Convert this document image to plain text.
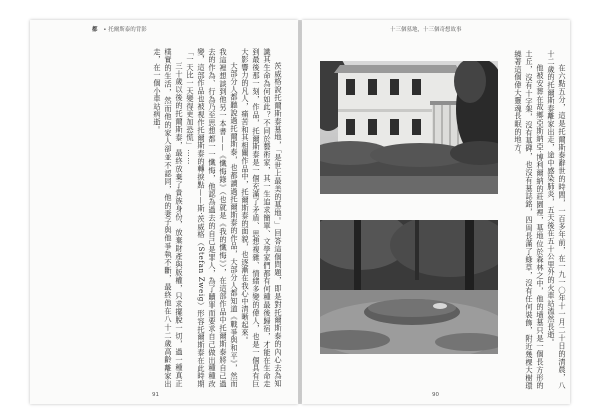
都 • 托爾斯泰的背影

茨威格說托爾斯泰墓地，「是世上最美的墓地。」回答這個問題，即是對托爾斯泰的內心去為知識其生命為何如此？不同於藝術家，其一生追求簡單、文學家們都有何種最後歸宿，才能在生命走到最後那一刻，作品，托爾斯泰是一個充滿了矛盾、思想複雜、情緒多變的偉人，也是一個具有巨大影響力的凡人，痛苦和其相關作品中，托爾斯泰的面貌，也逐漸在我心中清晰起來。

大部分人都聽說過托爾斯泰，也都讀過托爾斯泰的作品，大部分人都知道《戰爭與和平》，然而我這裡想談到他另一本書——《懺悔錄》（也就是《我的懺悔》），在這部作品中托爾斯泰將自己過去的作為、行為乃至思想都一一懺悔，他認為過去的自己是罪人，為了贖罪而要求自己做出種種改變，這部作品也被視作托爾斯泰的轉捩點——斯·茨威格（Stefan Zweig）形容托爾斯泰在此時期「一天比一天變得更加恐慌」……

三十歲以後的托爾斯泰，最終放棄了貴族身份，放棄財產與版權，只求擺脫一切，過一種真正樸實的生活，然而他的家人卻並不認同，他的妻子與他爭執不斷，最終他在八十二歲高齡離家出走，在一個小車站病逝。

91
十三個墓地，十三個奇想故事

在六點五分，這是托爾斯泰辭世的時間，一百多年前，在一九一〇年十一月二十日的清晨，八十二歲的托爾斯泰離家出走，途中感染肺炎，五天後在五十公里外的火車站溘然長逝。

他被安葬在故鄉亞斯納亞·博利爾納的莊園裡，墓地位於森林之中，他的墳墓只是一個長方形的土丘，沒有十字架，沒有墓碑，也沒有墓誌銘，四周長滿了綠草，沒有任何裝飾，附近幾棵大樹環繞著這個偉大靈魂長眠的地方。

90
